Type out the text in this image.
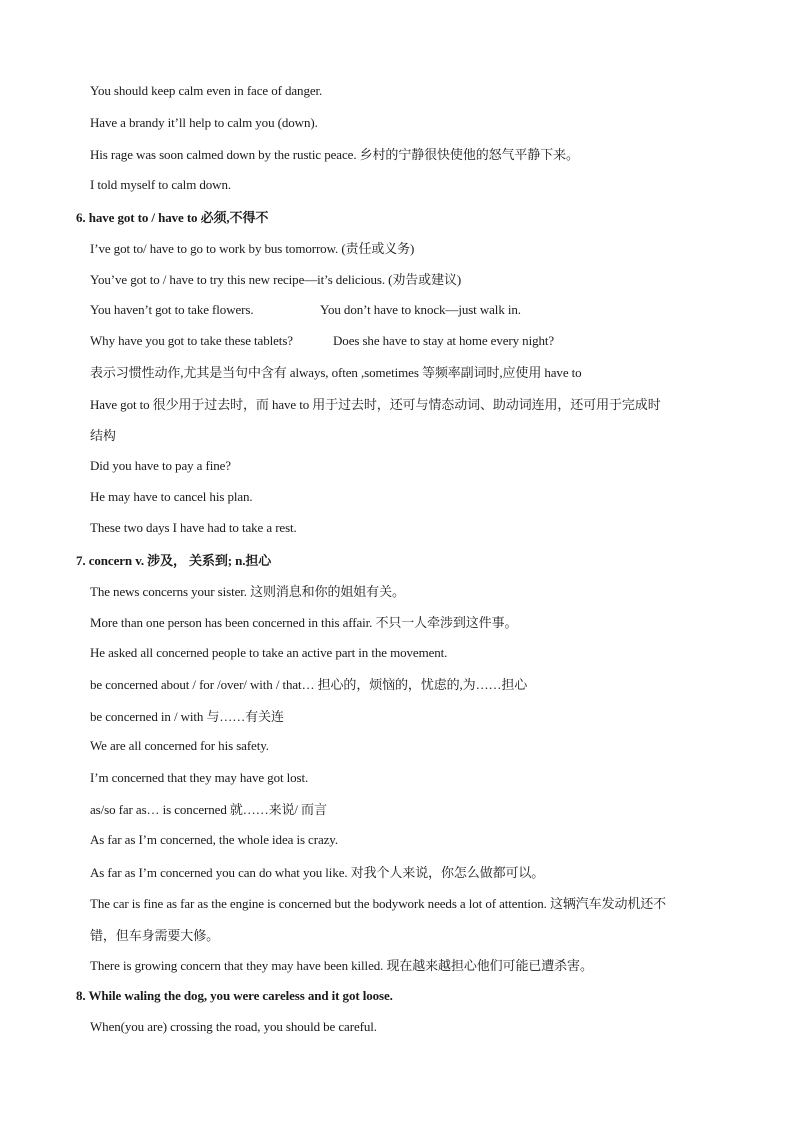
You should keep calm even in face of danger.
Have a brandy it’ll help to calm you (down).
His rage was soon calmed down by the rustic peace. 乡村的宁静很快使他的怒气平静下来。
I told myself to calm down.
6. have got to / have to 必须,不得不
I’ve got to/ have to go to work by bus tomorrow. (责任或义务)
You’ve got to / have to try this new recipe—it’s delicious. (劝告或建议)
You haven’t got to take flowers.	You don’t have to knock—just walk in.
Why have you got to take these tablets?	Does she have to stay at home every night?
表示习惯性动作,尤其是当句中含有 always, often ,sometimes 等频率副词时,应使用 have to
Have got to 很少用于过去时，而 have to 用于过去时，还可与情态动词、助动词连用，还可用于完成时
结构
Did you have to pay a fine?
He may have to cancel his plan.
These two days I have had to take a rest.
7. concern v. 涉及， 关系到; n.担心
The news concerns your sister. 这则消息和你的姐姐有关。
More than one person has been concerned in this affair. 不只一人牵涉到这件事。
He asked all concerned people to take an active part in the movement.
be concerned about / for /over/ with / that… 担心的，烦恼的，忧虑的,为……担心
be concerned in / with 与……有关连
We are all concerned for his safety.
I’m concerned that they may have got lost.
as/so far as… is concerned 就……来说/ 而言
As far as I’m concerned, the whole idea is crazy.
As far as I’m concerned you can do what you like. 对我个人来说，你怎么做都可以。
The car is fine as far as the engine is concerned but the bodywork needs a lot of attention. 这辆汽车发动机还不
错，但车身需要大修。
There is growing concern that they may have been killed. 现在越来越担心他们可能已遭杀害。
8. While waling the dog, you were careless and it got loose.
When(you are) crossing the road, you should be careful.
